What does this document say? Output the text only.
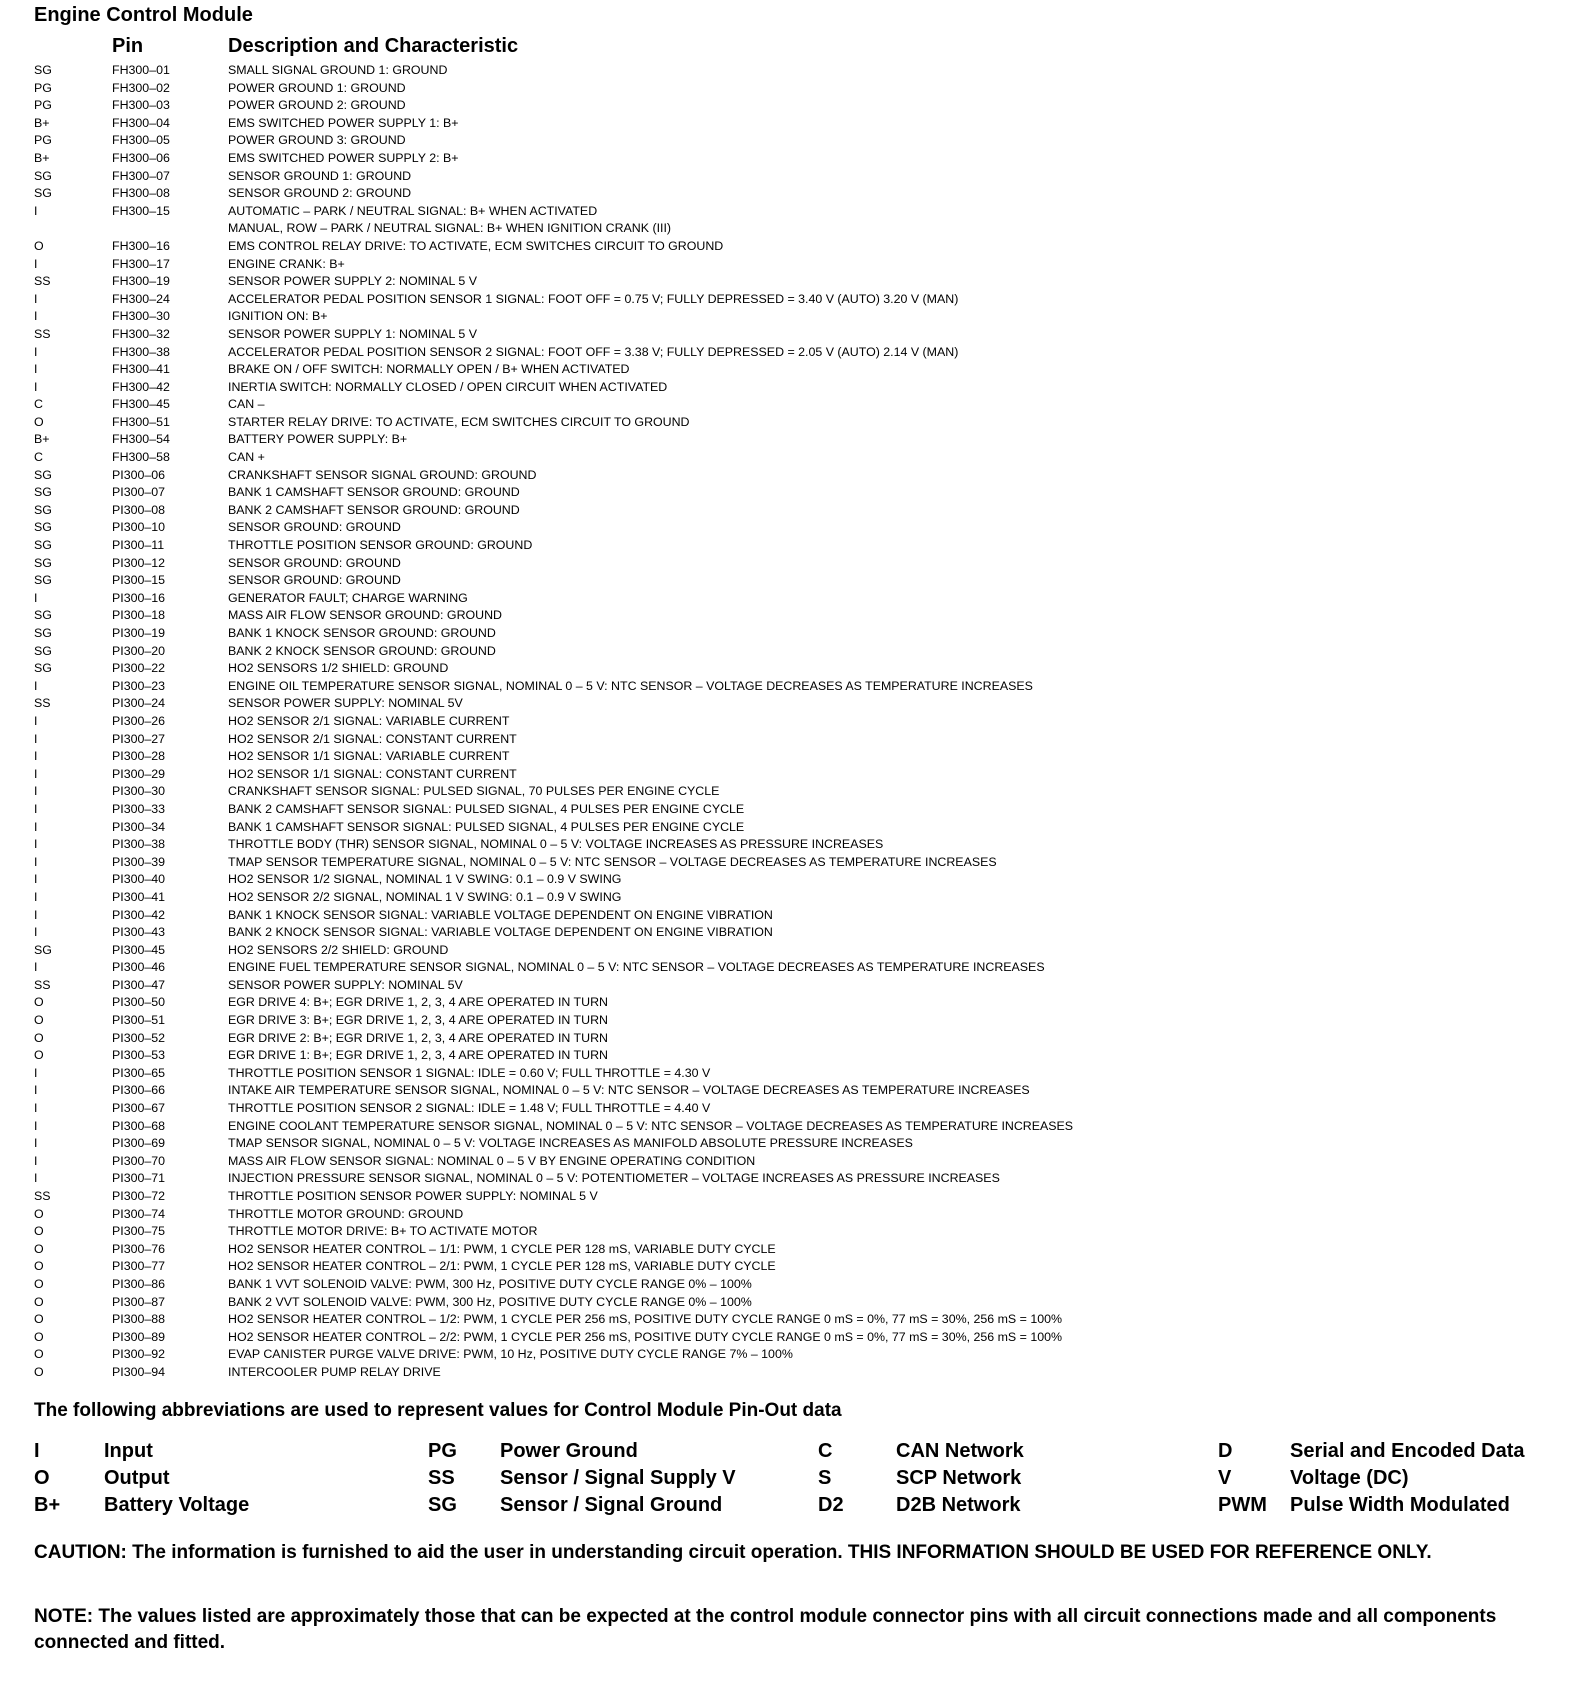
Engine Control Module
Pin	Description and Characteristic
SG	FH300–01	SMALL SIGNAL GROUND 1: GROUND
PG	FH300–02	POWER GROUND 1: GROUND
PG	FH300–03	POWER GROUND 2: GROUND
B+	FH300–04	EMS SWITCHED POWER SUPPLY 1: B+
PG	FH300–05	POWER GROUND 3: GROUND
B+	FH300–06	EMS SWITCHED POWER SUPPLY 2: B+
SG	FH300–07	SENSOR GROUND 1: GROUND
SG	FH300–08	SENSOR GROUND 2: GROUND
I	FH300–15	AUTOMATIC – PARK / NEUTRAL SIGNAL: B+ WHEN ACTIVATED
MANUAL, ROW – PARK / NEUTRAL SIGNAL: B+ WHEN IGNITION CRANK (III)
O	FH300–16	EMS CONTROL RELAY DRIVE: TO ACTIVATE, ECM SWITCHES CIRCUIT TO GROUND
I	FH300–17	ENGINE CRANK: B+
SS	FH300–19	SENSOR POWER SUPPLY 2: NOMINAL 5 V
I	FH300–24	ACCELERATOR PEDAL POSITION SENSOR 1 SIGNAL: FOOT OFF = 0.75 V; FULLY DEPRESSED = 3.40 V (AUTO) 3.20 V (MAN)
I	FH300–30	IGNITION ON: B+
SS	FH300–32	SENSOR POWER SUPPLY 1: NOMINAL 5 V
I	FH300–38	ACCELERATOR PEDAL POSITION SENSOR 2 SIGNAL: FOOT OFF = 3.38 V; FULLY DEPRESSED = 2.05 V (AUTO) 2.14 V (MAN)
I	FH300–41	BRAKE ON / OFF SWITCH: NORMALLY OPEN / B+ WHEN ACTIVATED
I	FH300–42	INERTIA SWITCH: NORMALLY CLOSED / OPEN CIRCUIT WHEN ACTIVATED
C	FH300–45	CAN –
O	FH300–51	STARTER RELAY DRIVE: TO ACTIVATE, ECM SWITCHES CIRCUIT TO GROUND
B+	FH300–54	BATTERY POWER SUPPLY: B+
C	FH300–58	CAN +
SG	PI300–06	CRANKSHAFT SENSOR SIGNAL GROUND: GROUND
SG	PI300–07	BANK 1 CAMSHAFT SENSOR GROUND: GROUND
SG	PI300–08	BANK 2 CAMSHAFT SENSOR GROUND: GROUND
SG	PI300–10	SENSOR GROUND: GROUND
SG	PI300–11	THROTTLE POSITION SENSOR GROUND: GROUND
SG	PI300–12	SENSOR GROUND: GROUND
SG	PI300–15	SENSOR GROUND: GROUND
I	PI300–16	GENERATOR FAULT; CHARGE WARNING
SG	PI300–18	MASS AIR FLOW SENSOR GROUND: GROUND
SG	PI300–19	BANK 1 KNOCK SENSOR GROUND: GROUND
SG	PI300–20	BANK 2 KNOCK SENSOR GROUND: GROUND
SG	PI300–22	HO2 SENSORS 1/2 SHIELD: GROUND
I	PI300–23	ENGINE OIL TEMPERATURE SENSOR SIGNAL, NOMINAL 0 – 5 V: NTC SENSOR – VOLTAGE DECREASES AS TEMPERATURE INCREASES
SS	PI300–24	SENSOR POWER SUPPLY: NOMINAL 5V
I	PI300–26	HO2 SENSOR 2/1 SIGNAL: VARIABLE CURRENT
I	PI300–27	HO2 SENSOR 2/1 SIGNAL: CONSTANT CURRENT
I	PI300–28	HO2 SENSOR 1/1 SIGNAL: VARIABLE CURRENT
I	PI300–29	HO2 SENSOR 1/1 SIGNAL: CONSTANT CURRENT
I	PI300–30	CRANKSHAFT SENSOR SIGNAL: PULSED SIGNAL, 70 PULSES PER ENGINE CYCLE
I	PI300–33	BANK 2 CAMSHAFT SENSOR SIGNAL: PULSED SIGNAL, 4 PULSES PER ENGINE CYCLE
I	PI300–34	BANK 1 CAMSHAFT SENSOR SIGNAL: PULSED SIGNAL, 4 PULSES PER ENGINE CYCLE
I	PI300–38	THROTTLE BODY (THR) SENSOR SIGNAL, NOMINAL 0 – 5 V: VOLTAGE INCREASES AS PRESSURE INCREASES
I	PI300–39	TMAP SENSOR TEMPERATURE SIGNAL, NOMINAL 0 – 5 V: NTC SENSOR – VOLTAGE DECREASES AS TEMPERATURE INCREASES
I	PI300–40	HO2 SENSOR 1/2 SIGNAL, NOMINAL 1 V SWING: 0.1 – 0.9 V SWING
I	PI300–41	HO2 SENSOR 2/2 SIGNAL, NOMINAL 1 V SWING: 0.1 – 0.9 V SWING
I	PI300–42	BANK 1 KNOCK SENSOR SIGNAL: VARIABLE VOLTAGE DEPENDENT ON ENGINE VIBRATION
I	PI300–43	BANK 2 KNOCK SENSOR SIGNAL: VARIABLE VOLTAGE DEPENDENT ON ENGINE VIBRATION
SG	PI300–45	HO2 SENSORS 2/2 SHIELD: GROUND
I	PI300–46	ENGINE FUEL TEMPERATURE SENSOR SIGNAL, NOMINAL 0 – 5 V: NTC SENSOR – VOLTAGE DECREASES AS TEMPERATURE INCREASES
SS	PI300–47	SENSOR POWER SUPPLY: NOMINAL 5V
O	PI300–50	EGR DRIVE 4: B+; EGR DRIVE 1, 2, 3, 4 ARE OPERATED IN TURN
O	PI300–51	EGR DRIVE 3: B+; EGR DRIVE 1, 2, 3, 4 ARE OPERATED IN TURN
O	PI300–52	EGR DRIVE 2: B+; EGR DRIVE 1, 2, 3, 4 ARE OPERATED IN TURN
O	PI300–53	EGR DRIVE 1: B+; EGR DRIVE 1, 2, 3, 4 ARE OPERATED IN TURN
I	PI300–65	THROTTLE POSITION SENSOR 1 SIGNAL: IDLE = 0.60 V; FULL THROTTLE = 4.30 V
I	PI300–66	INTAKE AIR TEMPERATURE SENSOR SIGNAL, NOMINAL 0 – 5 V: NTC SENSOR – VOLTAGE DECREASES AS TEMPERATURE INCREASES
I	PI300–67	THROTTLE POSITION SENSOR 2 SIGNAL: IDLE = 1.48 V; FULL THROTTLE = 4.40 V
I	PI300–68	ENGINE COOLANT TEMPERATURE SENSOR SIGNAL, NOMINAL 0 – 5 V: NTC SENSOR – VOLTAGE DECREASES AS TEMPERATURE INCREASES
I	PI300–69	TMAP SENSOR SIGNAL, NOMINAL 0 – 5 V: VOLTAGE INCREASES AS MANIFOLD ABSOLUTE PRESSURE INCREASES
I	PI300–70	MASS AIR FLOW SENSOR SIGNAL: NOMINAL 0 – 5 V BY ENGINE OPERATING CONDITION
I	PI300–71	INJECTION PRESSURE SENSOR SIGNAL, NOMINAL 0 – 5 V: POTENTIOMETER – VOLTAGE INCREASES AS PRESSURE INCREASES
SS	PI300–72	THROTTLE POSITION SENSOR POWER SUPPLY: NOMINAL 5 V
O	PI300–74	THROTTLE MOTOR GROUND: GROUND
O	PI300–75	THROTTLE MOTOR DRIVE: B+ TO ACTIVATE MOTOR
O	PI300–76	HO2 SENSOR HEATER CONTROL – 1/1: PWM, 1 CYCLE PER 128 mS, VARIABLE DUTY CYCLE
O	PI300–77	HO2 SENSOR HEATER CONTROL – 2/1: PWM, 1 CYCLE PER 128 mS, VARIABLE DUTY CYCLE
O	PI300–86	BANK 1 VVT SOLENOID VALVE: PWM, 300 Hz, POSITIVE DUTY CYCLE RANGE 0% – 100%
O	PI300–87	BANK 2 VVT SOLENOID VALVE: PWM, 300 Hz, POSITIVE DUTY CYCLE RANGE 0% – 100%
O	PI300–88	HO2 SENSOR HEATER CONTROL – 1/2: PWM, 1 CYCLE PER 256 mS, POSITIVE DUTY CYCLE RANGE 0 mS = 0%, 77 mS = 30%, 256 mS = 100%
O	PI300–89	HO2 SENSOR HEATER CONTROL – 2/2: PWM, 1 CYCLE PER 256 mS, POSITIVE DUTY CYCLE RANGE 0 mS = 0%, 77 mS = 30%, 256 mS = 100%
O	PI300–92	EVAP CANISTER PURGE VALVE DRIVE: PWM, 10 Hz, POSITIVE DUTY CYCLE RANGE 7% – 100%
O	PI300–94	INTERCOOLER PUMP RELAY DRIVE
The following abbreviations are used to represent values for Control Module Pin-Out data
I	Input	PG Power Ground	C	CAN Network	D	Serial and Encoded Data
O	Output	SS Sensor / Signal Supply V	S	SCP Network	V	Voltage (DC)
B+ Battery Voltage	SG Sensor / Signal Ground	D2	D2B Network	PWM Pulse Width Modulated
CAUTION: The information is furnished to aid the user in understanding circuit operation. THIS INFORMATION SHOULD BE USED FOR REFERENCE ONLY.
NOTE: The values listed are approximately those that can be expected at the control module connector pins with all circuit connections made and all components connected and fitted.
